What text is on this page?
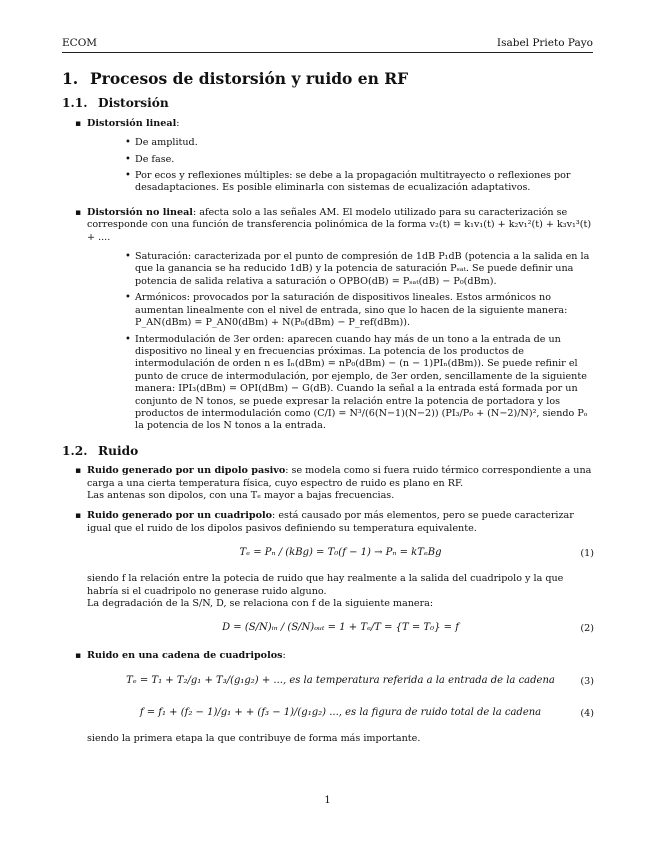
ECOM	Isabel Prieto Payo
1. Procesos de distorsión y ruido en RF
1.1. Distorsión
▪ Distorsión lineal:
• De amplitud.
• De fase.
• Por ecos y reflexiones múltiples: se debe a la propagación multitrayecto o reflexiones por desadaptaciones. Es posible eliminarla con sistemas de ecualización adaptativos.
▪ Distorsión no lineal: afecta solo a las señales AM. El modelo utilizado para su caracterización se corresponde con una función de transferencia polinómica de la forma v₂(t) = k₁v₁(t) + k₂v₁²(t) + k₃v₁³(t) + ....
• Saturación: caracterizada por el punto de compresión de 1dB P₁dB (potencia a la salida en la que la ganancia se ha reducido 1dB) y la potencia de saturación Pₛₐₜ. Se puede definir una potencia de salida relativa a saturación o OPBO(dB) = Pₛₐₜ(dB) − P₀(dBm).
• Armónicos: provocados por la saturación de dispositivos lineales. Estos armónicos no aumentan linealmente con el nivel de entrada, sino que lo hacen de la siguiente manera: P_AN(dBm) = P_AN0(dBm) + N(P₀(dBm) − P_ref(dBm)).
• Intermodulación de 3er orden: aparecen cuando hay más de un tono a la entrada de un dispositivo no lineal y en frecuencias próximas. La potencia de los productos de intermodulación de orden n es Iₙ(dBm) = nP₀(dBm) − (n − 1)PIₙ(dBm)). Se puede refinir el punto de cruce de intermodulación, por ejemplo, de 3er orden, sencillamente de la siguiente manera: IPI₃(dBm) = OPI(dBm) − G(dB). Cuando la señal a la entrada está formada por un conjunto de N tonos, se puede expresar la relación entre la potencia de portadora y los productos de intermodulación como (C/I) = N³/(6(N−1)(N−2)) (PI₃/P₀ + (N−2)/N)², siendo Pₒ la potencia de los N tonos a la entrada.
1.2. Ruido
▪ Ruido generado por un dipolo pasivo: se modela como si fuera ruido térmico correspondiente a una carga a una cierta temperatura física, cuyo espectro de ruido es plano en RF.
Las antenas son dipolos, con una Tₑ mayor a bajas frecuencias.
▪ Ruido generado por un cuadripolo: está causado por más elementos, pero se puede caracterizar igual que el ruido de los dipolos pasivos definiendo su temperatura equivalente.
Tₑ = Pₙ / (kBg) = T₀(f − 1) → Pₙ = kTₑBg	(1)
siendo f la relación entre la potecia de ruido que hay realmente a la salida del cuadripolo y la que habría si el cuadripolo no generase ruido alguno.
La degradación de la S/N, D, se relaciona con f de la siguiente manera:
D = (S/N)ᵢₙ / (S/N)ₒᵤₜ = 1 + Tₑ/T = {T = T₀} = f	(2)
▪ Ruido en una cadena de cuadripolos:
Tₑ = T₁ + T₂/g₁ + T₃/(g₁g₂) + ..., es la temperatura referida a la entrada de la cadena	(3)
f = f₁ + (f₂ − 1)/g₁ + + (f₃ − 1)/(g₁g₂) ..., es la figura de ruido total de la cadena	(4)
siendo la primera etapa la que contribuye de forma más importante.
1
